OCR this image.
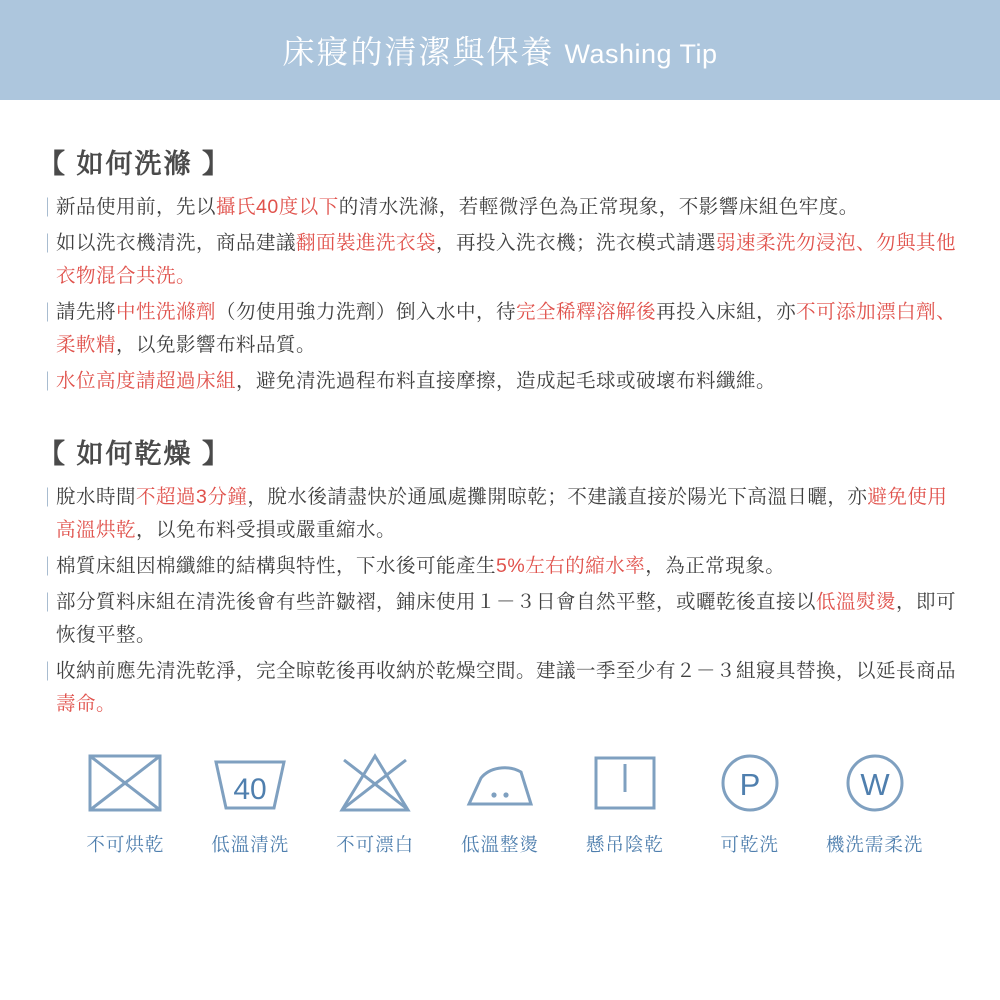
床寢的清潔與保養 Washing Tip
【 如何洗滌 】
｜
新品使用前，先以攝氏40度以下的清水洗滌，若輕微浮色為正常現象，不影響床組色牢度。
｜
如以洗衣機清洗，商品建議翻面裝進洗衣袋，再投入洗衣機；洗衣模式請選弱速柔洗勿浸泡、勿與其他衣物混合共洗。
｜
請先將中性洗滌劑（勿使用強力洗劑）倒入水中，待完全稀釋溶解後再投入床組，亦不可添加漂白劑、柔軟精，以免影響布料品質。
｜
水位高度請超過床組，避免清洗過程布料直接摩擦，造成起毛球或破壞布料纖維。
【 如何乾燥 】
｜
脫水時間不超過3分鐘，脫水後請盡快於通風處攤開晾乾；不建議直接於陽光下高溫日曬，亦避免使用高溫烘乾，以免布料受損或嚴重縮水。
｜
棉質床組因棉纖維的結構與特性，下水後可能產生5%左右的縮水率，為正常現象。
｜
部分質料床組在清洗後會有些許皺褶，鋪床使用１－３日會自然平整，或曬乾後直接以低溫熨燙，即可恢復平整。
｜
收納前應先清洗乾淨，完全晾乾後再收納於乾燥空間。建議一季至少有２－３組寢具替換，以延長商品壽命。
不可烘乾
40
低溫清洗	不可漂白	低溫整燙	懸吊陰乾
P
可乾洗
W
機洗需柔洗
